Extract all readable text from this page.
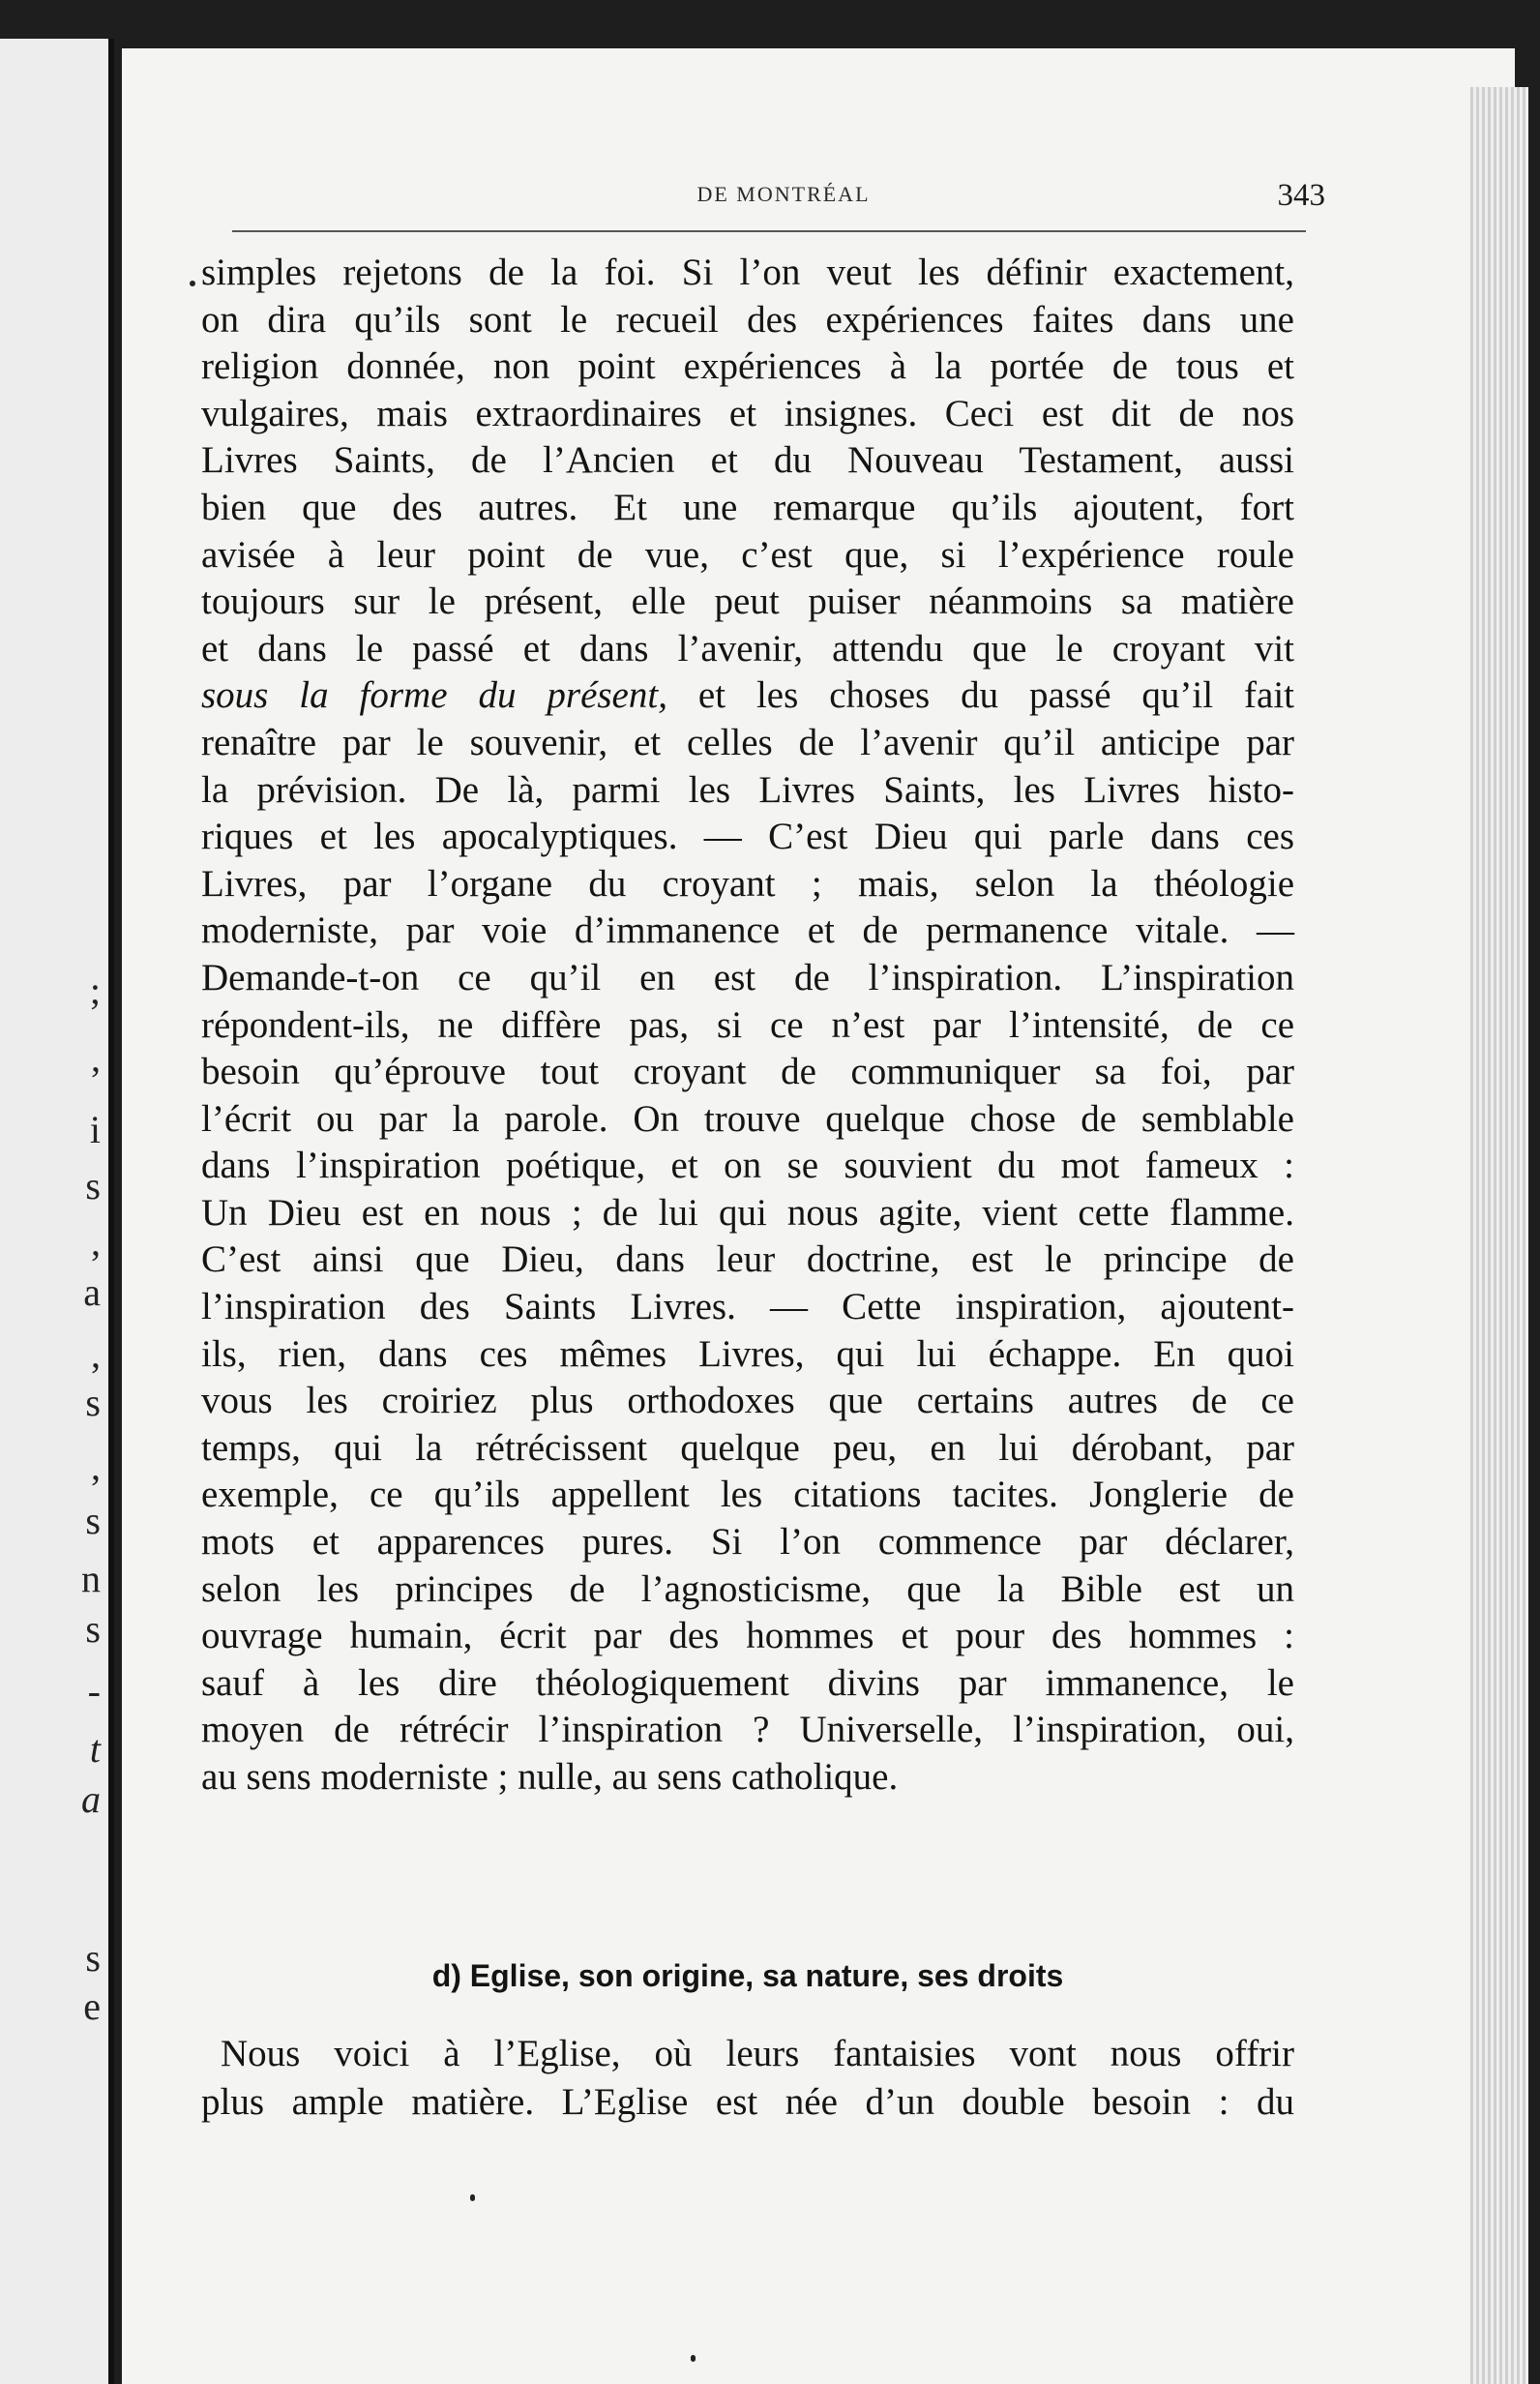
;
,
i
s
,
a
,
s
,
s
n
s
-
t
a
s
e
DE MONTRÉAL	343
simples rejetons de la foi. Si l’on veut les définir exactement,
on dira qu’ils sont le recueil des expériences faites dans une
religion donnée, non point expériences à la portée de tous et
vulgaires, mais extraordinaires et insignes. Ceci est dit de nos
Livres Saints, de l’Ancien et du Nouveau Testament, aussi
bien que des autres. Et une remarque qu’ils ajoutent, fort
avisée à leur point de vue, c’est que, si l’expérience roule
toujours sur le présent, elle peut puiser néanmoins sa matière
et dans le passé et dans l’avenir, attendu que le croyant vit
sous la forme du présent, et les choses du passé qu’il fait
renaître par le souvenir, et celles de l’avenir qu’il anticipe par
la prévision. De là, parmi les Livres Saints, les Livres histo-
riques et les apocalyptiques. — C’est Dieu qui parle dans ces
Livres, par l’organe du croyant ; mais, selon la théologie
moderniste, par voie d’immanence et de permanence vitale. —
Demande-t-on ce qu’il en est de l’inspiration. L’inspiration
répondent-ils, ne diffère pas, si ce n’est par l’intensité, de ce
besoin qu’éprouve tout croyant de communiquer sa foi, par
l’écrit ou par la parole. On trouve quelque chose de semblable
dans l’inspiration poétique, et on se souvient du mot fameux :
Un Dieu est en nous ; de lui qui nous agite, vient cette flamme.
C’est ainsi que Dieu, dans leur doctrine, est le principe de
l’inspiration des Saints Livres. — Cette inspiration, ajoutent-
ils, rien, dans ces mêmes Livres, qui lui échappe. En quoi
vous les croiriez plus orthodoxes que certains autres de ce
temps, qui la rétrécissent quelque peu, en lui dérobant, par
exemple, ce qu’ils appellent les citations tacites. Jonglerie de
mots et apparences pures. Si l’on commence par déclarer,
selon les principes de l’agnosticisme, que la Bible est un
ouvrage humain, écrit par des hommes et pour des hommes :
sauf à les dire théologiquement divins par immanence, le
moyen de rétrécir l’inspiration ? Universelle, l’inspiration, oui,
au sens moderniste ; nulle, au sens catholique.
d) Eglise, son origine, sa nature, ses droits
Nous voici à l’Eglise, où leurs fantaisies vont nous offrir
plus ample matière. L’Eglise est née d’un double besoin : du
